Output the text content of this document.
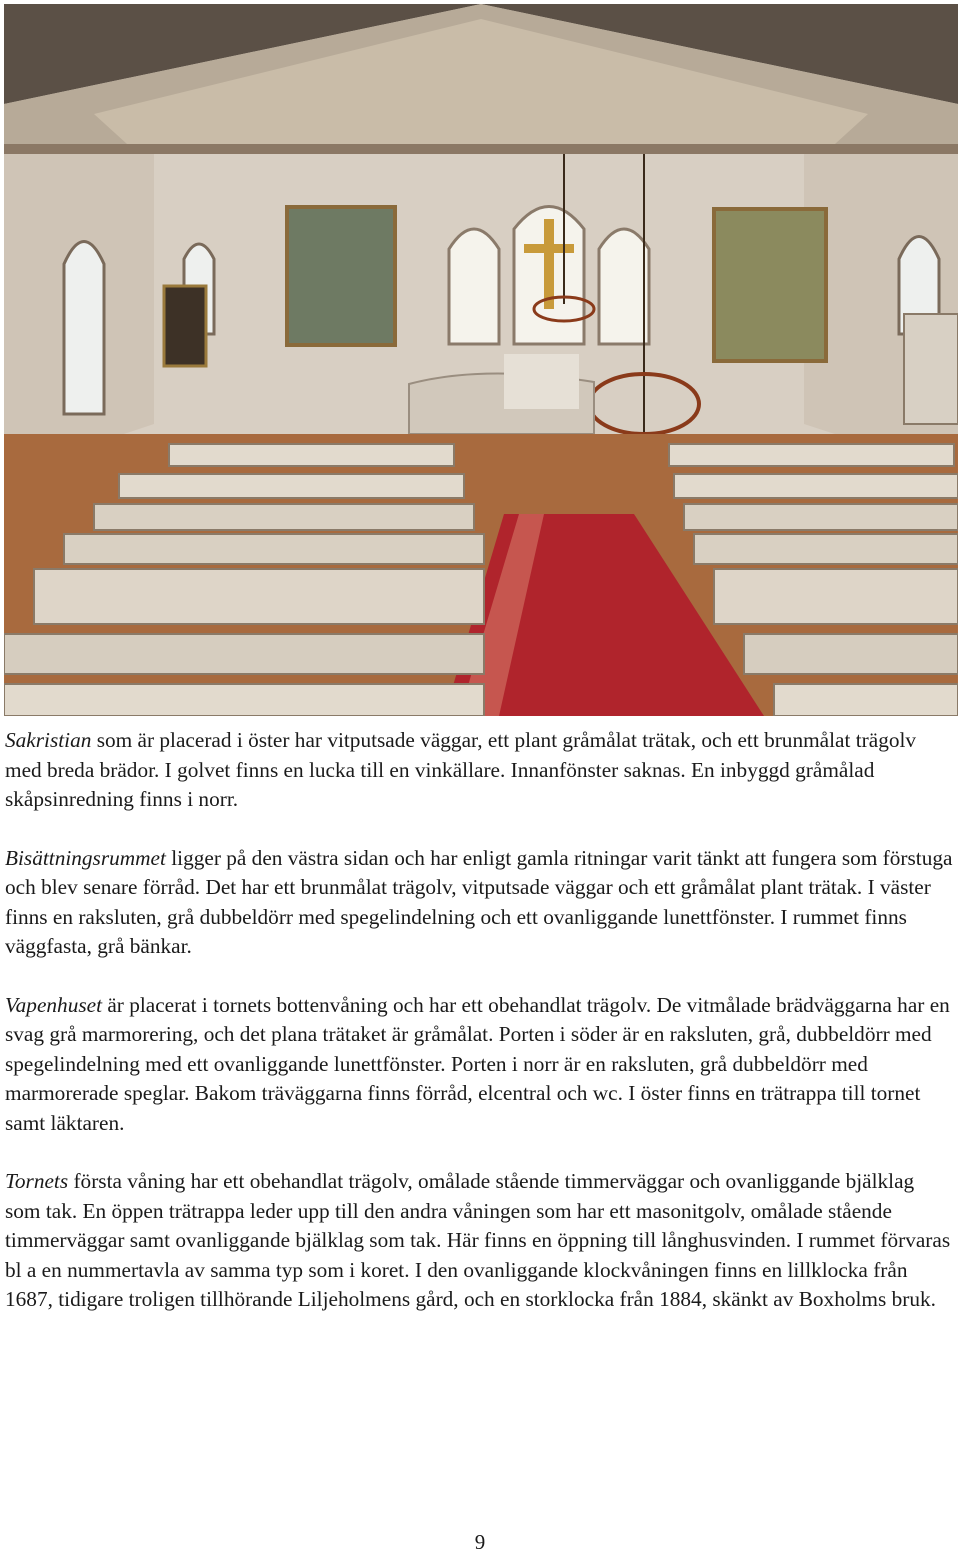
Sakristian som är placerad i öster har vitputsade väggar, ett plant gråmålat trätak, och ett brunmålat trägolv med breda brädor. I golvet finns en lucka till en vinkällare. Innanfönster saknas. En inbyggd gråmålad skåpsinredning finns i norr.

Bisättningsrummet ligger på den västra sidan och har enligt gamla ritningar varit tänkt att fungera som förstuga och blev senare förråd. Det har ett brunmålat trägolv, vitputsade väggar och ett gråmålat plant trätak. I väster finns en raksluten, grå dubbeldörr med spegelindelning och ett ovanliggande lunettfönster. I rummet finns väggfasta, grå bänkar.

Vapenhuset är placerat i tornets bottenvåning och har ett obehandlat trägolv. De vitmålade brädväggarna har en svag grå marmorering, och det plana trätaket är gråmålat. Porten i söder är en raksluten, grå, dubbeldörr med spegelindelning med ett ovanliggande lunettfönster. Porten i norr är en raksluten, grå dubbeldörr med marmorerade speglar. Bakom träväggarna finns förråd, elcentral och wc. I öster finns en trätrappa till tornet samt läktaren.

Tornets första våning har ett obehandlat trägolv, omålade stående timmerväggar och ovanliggande bjälklag som tak. En öppen trätrappa leder upp till den andra våningen som har ett masonitgolv, omålade stående timmerväggar samt ovanliggande bjälklag som tak. Här finns en öppning till långhusvinden. I rummet förvaras bl a en nummertavla av samma typ som i koret. I den ovanliggande klockvåningen finns en lillklocka från 1687, tidigare troligen tillhörande Liljeholmens gård, och en storklocka från 1884, skänkt av Boxholms bruk.

9
